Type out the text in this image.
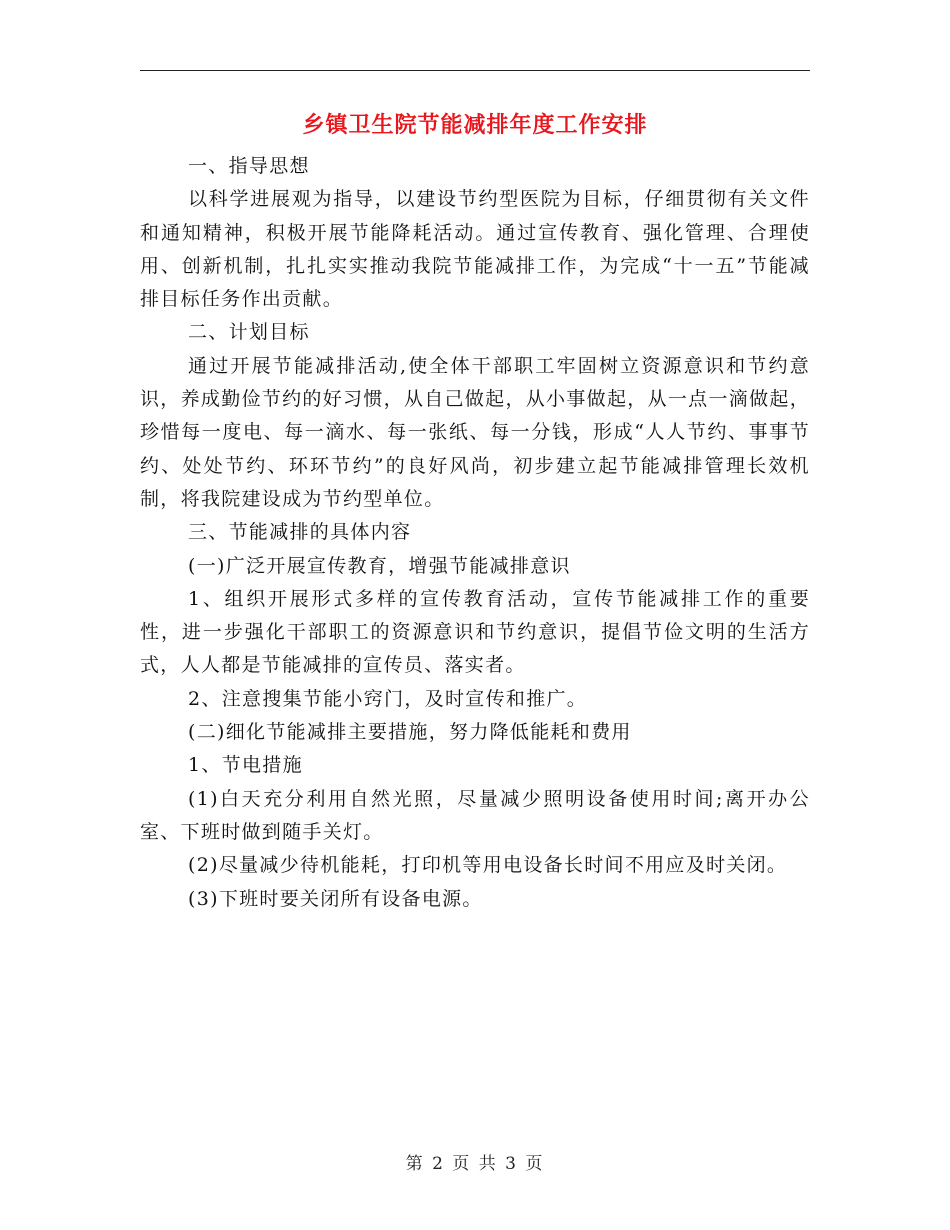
乡镇卫生院节能减排年度工作安排

一、指导思想

以科学进展观为指导，以建设节约型医院为目标，仔细贯彻有关文件和通知精神，积极开展节能降耗活动。通过宣传教育、强化管理、合理使用、创新机制，扎扎实实推动我院节能减排工作，为完成“十一五”节能减排目标任务作出贡献。

二、计划目标

通过开展节能减排活动,使全体干部职工牢固树立资源意识和节约意识，养成勤俭节约的好习惯，从自己做起，从小事做起，从一点一滴做起，珍惜每一度电、每一滴水、每一张纸、每一分钱，形成“人人节约、事事节约、处处节约、环环节约”的良好风尚，初步建立起节能减排管理长效机制，将我院建设成为节约型单位。

三、节能减排的具体内容

(一)广泛开展宣传教育，增强节能减排意识

1、组织开展形式多样的宣传教育活动，宣传节能减排工作的重要性，进一步强化干部职工的资源意识和节约意识，提倡节俭文明的生活方式，人人都是节能减排的宣传员、落实者。

2、注意搜集节能小窍门，及时宣传和推广。

(二)细化节能减排主要措施，努力降低能耗和费用

1、节电措施

(1)白天充分利用自然光照，尽量减少照明设备使用时间;离开办公室、下班时做到随手关灯。

(2)尽量减少待机能耗，打印机等用电设备长时间不用应及时关闭。

(3)下班时要关闭所有设备电源。

第 2 页 共 3 页
